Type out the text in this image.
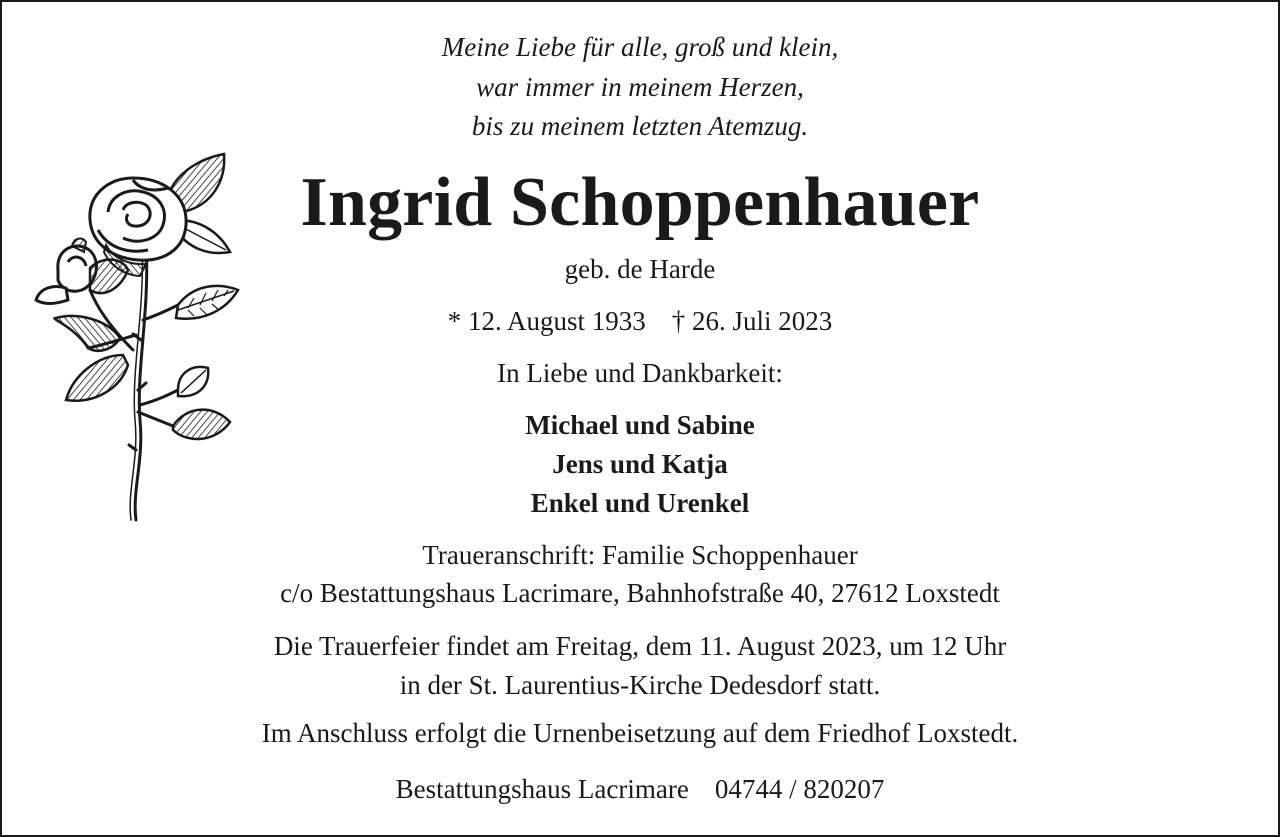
Meine Liebe für alle, groß und klein,
war immer in meinem Herzen,
bis zu meinem letzten Atemzug.
Ingrid Schoppenhauer
geb. de Harde
* 12. August 1933 † 26. Juli 2023
In Liebe und Dankbarkeit:
Michael und Sabine
Jens und Katja
Enkel und Urenkel
Traueranschrift: Familie Schoppenhauer
c/o Bestattungshaus Lacrimare, Bahnhofstraße 40, 27612 Loxstedt
Die Trauerfeier findet am Freitag, dem 11. August 2023, um 12 Uhr
in der St. Laurentius-Kirche Dedesdorf statt.
Im Anschluss erfolgt die Urnenbeisetzung auf dem Friedhof Loxstedt.
Bestattungshaus Lacrimare 04744 / 820207
